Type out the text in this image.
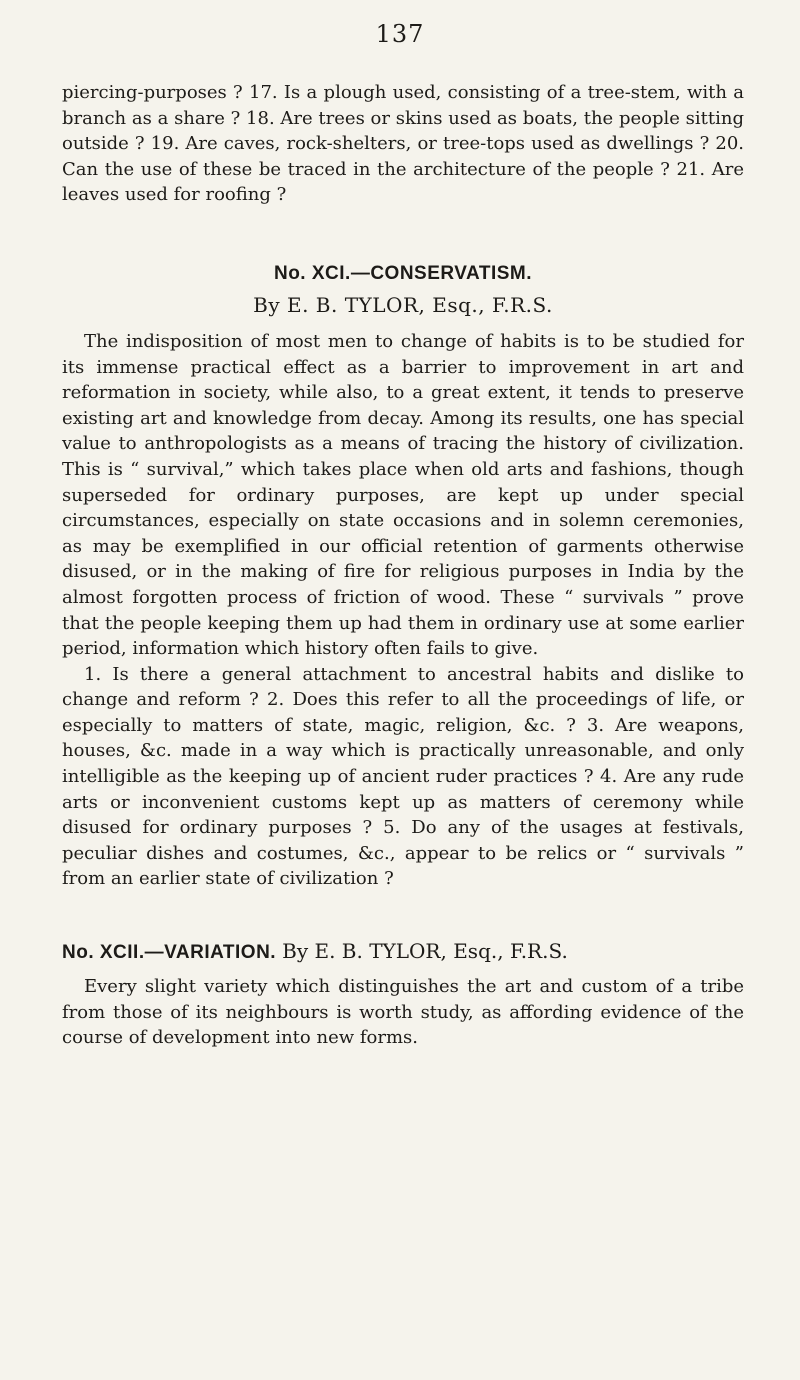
137

piercing-purposes ? 17. Is a plough used, consisting of a tree-stem, with a branch as a share ? 18. Are trees or skins used as boats, the people sitting outside ? 19. Are caves, rock-shelters, or tree-tops used as dwellings ? 20. Can the use of these be traced in the architecture of the people ? 21. Are leaves used for roofing ?

No. XCI.—CONSERVATISM.
By E. B. TYLOR, Esq., F.R.S.

The indisposition of most men to change of habits is to be studied for its immense practical effect as a barrier to improvement in art and reformation in society, while also, to a great extent, it tends to preserve existing art and knowledge from decay. Among its results, one has special value to anthropologists as a means of tracing the history of civilization. This is “ survival,” which takes place when old arts and fashions, though superseded for ordinary purposes, are kept up under special circumstances, especially on state occasions and in solemn ceremonies, as may be exemplified in our official retention of garments otherwise disused, or in the making of fire for religious purposes in India by the almost forgotten process of friction of wood. These “ survivals ” prove that the people keeping them up had them in ordinary use at some earlier period, information which history often fails to give.

1. Is there a general attachment to ancestral habits and dislike to change and reform ? 2. Does this refer to all the proceedings of life, or especially to matters of state, magic, religion, &c. ? 3. Are weapons, houses, &c. made in a way which is practically unreasonable, and only intelligible as the keeping up of ancient ruder practices ? 4. Are any rude arts or inconvenient customs kept up as matters of ceremony while disused for ordinary purposes ? 5. Do any of the usages at festivals, peculiar dishes and costumes, &c., appear to be relics or “ survivals ” from an earlier state of civilization ?

No. XCII.—VARIATION. By E. B. TYLOR, Esq., F.R.S.

Every slight variety which distinguishes the art and custom of a tribe from those of its neighbours is worth study, as affording evidence of the course of development into new forms.
